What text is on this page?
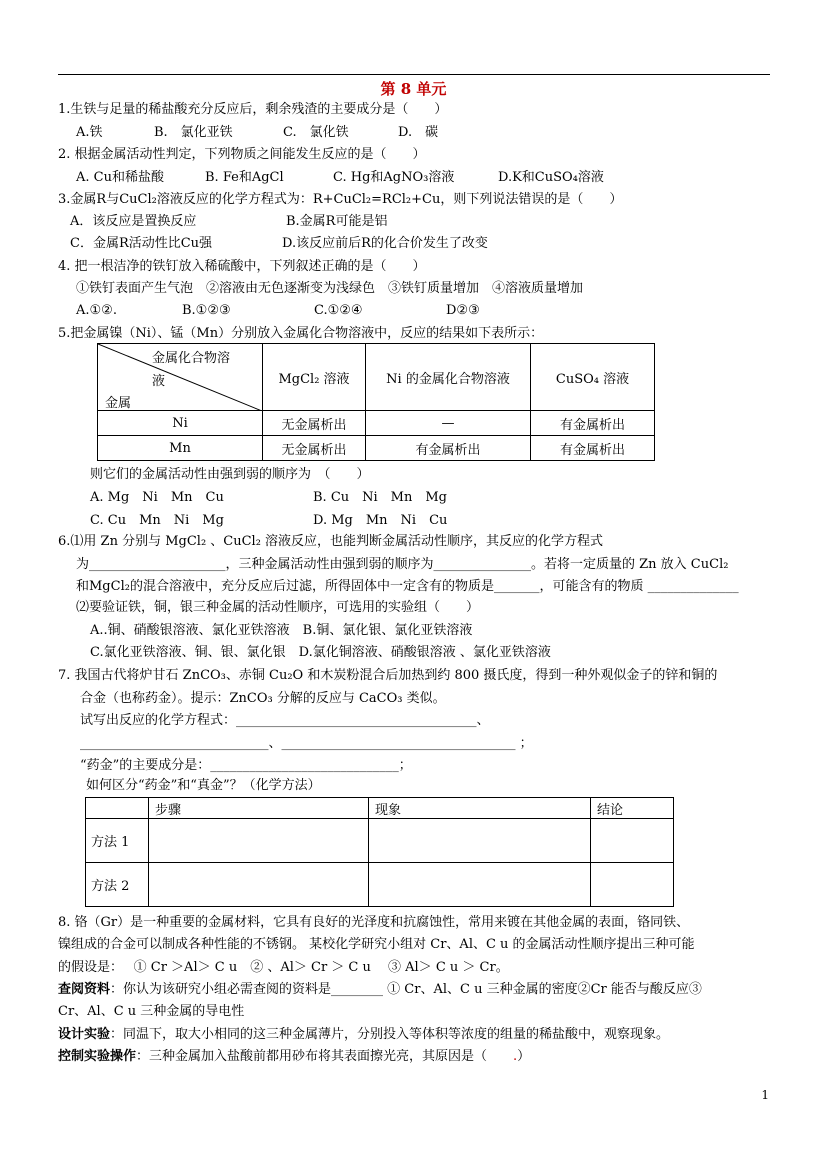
第 8 单元
1.生铁与足量的稀盐酸充分反应后，剩余残渣的主要成分是（　　）
A.铁	B.　氯化亚铁	C.　氯化铁	D.　碳
2. 根据金属活动性判定，下列物质之间能发生反应的是（　　）
A. Cu和稀盐酸	B. Fe和AgCl	C. Hg和AgNO₃溶液	D.K和CuSO₄溶液
3.金属R与CuCl₂溶液反应的化学方程式为：R+CuCl₂=RCl₂+Cu，则下列说法错误的是（　　）
A．该反应是置换反应	B.金属R可能是铝
C．金属R活动性比Cu强	D.该反应前后R的化合价发生了改变
4. 把一根洁净的铁钉放入稀硫酸中，下列叙述正确的是（　　）
①铁钉表面产生气泡　②溶液由无色逐渐变为浅绿色　③铁钉质量增加　④溶液质量增加
A.①②.	B.①②③	C.①②④	D②③
5.把金属镍（Ni）、锰（Mn）分别放入金属化合物溶液中，反应的结果如下表所示：
金属化合物溶
液
金属	MgCl₂ 溶液	Ni 的金属化合物溶液	CuSO₄ 溶液
Ni	无金属析出	—	有金属析出
Mn	无金属析出	有金属析出	有金属析出
则它们的金属活动性由强到弱的顺序为　（　　）
A. Mg　Ni　Mn　Cu	B. Cu　Ni　Mn　Mg
C. Cu　Mn　Ni　Mg	D. Mg　Mn　Ni　Cu
6.⑴用 Zn 分别与 MgCl₂ 、CuCl₂ 溶液反应，也能判断金属活动性顺序，其反应的化学方程式
为_____________________，三种金属活动性由强到弱的顺序为_______________。若将一定质量的 Zn 放入 CuCl₂
和MgCl₂的混合溶液中，充分反应后过滤，所得固体中一定含有的物质是_______，可能含有的物质 ______________
⑵要验证铁，铜，银三种金属的活动性顺序，可选用的实验组（　　）
A..铜、硝酸银溶液、氯化亚铁溶液　B.铜、氯化银、氯化亚铁溶液
C.氯化亚铁溶液、铜、银、氯化银　D.氯化铜溶液、硝酸银溶液 、氯化亚铁溶液
7. 我国古代将炉甘石 ZnCO₃、赤铜 Cu₂O 和木炭粉混合后加热到约 800 摄氏度，得到一种外观似金子的锌和铜的
合金（也称药金）。提示：ZnCO₃ 分解的反应与 CaCO₃ 类似。
试写出反应的化学方程式：_____________________________________、
_____________________________、____________________________________ ；
“药金”的主要成分是：_____________________________；
如何区分“药金”和“真金”？（化学方法）
	步骤	现象	结论
方法 1			
方法 2			
8. 铬（Gr）是一种重要的金属材料，它具有良好的光泽度和抗腐蚀性，常用来镀在其他金属的表面，铬同铁、
镍组成的合金可以制成各种性能的不锈钢。 某校化学研究小组对 Cr、Al、C u 的金属活动性顺序提出三种可能
的假设是：　 ① Cr ＞Al＞ C u　② 、Al＞ Cr ＞ C u　 ③ Al＞ C u ＞ Cr。
查阅资料：你认为该研究小组必需查阅的资料是________ ① Cr、Al、C u 三种金属的密度②Cr 能否与酸反应③
Cr、Al、C u 三种金属的导电性
设计实验：同温下，取大小相同的这三种金属薄片，分别投入等体积等浓度的组量的稀盐酸中，观察现象。
控制实验操作：三种金属加入盐酸前都用砂布将其表面擦光亮，其原因是（　　.）
1
